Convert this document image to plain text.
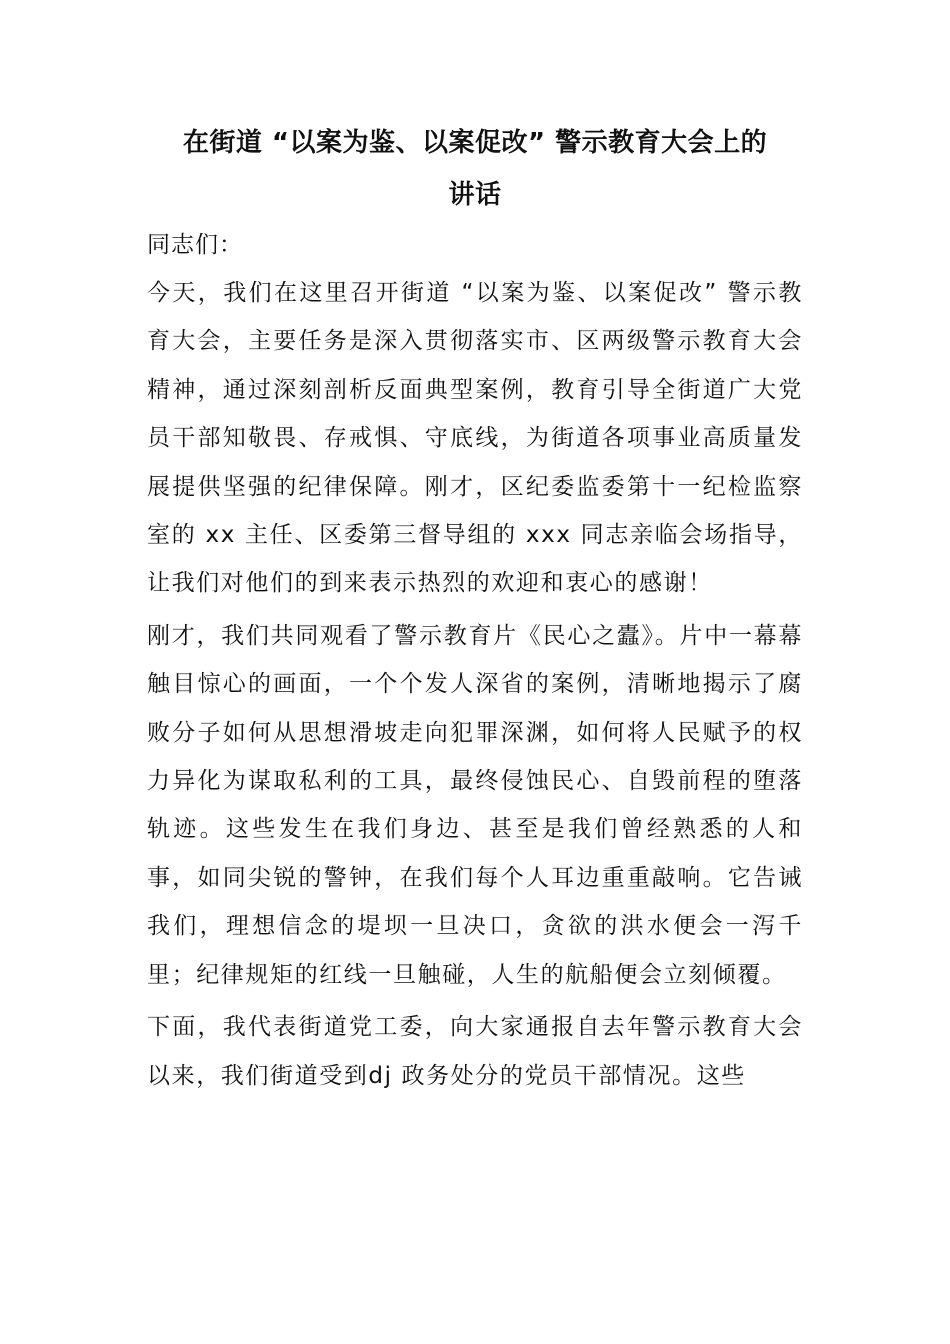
在街道 “以案为鉴、以案促改” 警示教育大会上的
讲话

同志们：

今天，我们在这里召开街道 “以案为鉴、以案促改” 警示教育大会，主要任务是深入贯彻落实市、区两级警示教育大会精神，通过深刻剖析反面典型案例，教育引导全街道广大党员干部知敬畏、存戒惧、守底线，为街道各项事业高质量发展提供坚强的纪律保障。刚才，区纪委监委第十一纪检监察室的 xx 主任、区委第三督导组的 xxx 同志亲临会场指导，让我们对他们的到来表示热烈的欢迎和衷心的感谢！

刚才，我们共同观看了警示教育片《民心之蠹》。片中一幕幕触目惊心的画面，一个个发人深省的案例，清晰地揭示了腐败分子如何从思想滑坡走向犯罪深渊，如何将人民赋予的权力异化为谋取私利的工具，最终侵蚀民心、自毁前程的堕落轨迹。这些发生在我们身边、甚至是我们曾经熟悉的人和事，如同尖锐的警钟，在我们每个人耳边重重敲响。它告诫我们，理想信念的堤坝一旦决口，贪欲的洪水便会一泻千里；纪律规矩的红线一旦触碰，人生的航船便会立刻倾覆。

下面，我代表街道党工委，向大家通报自去年警示教育大会以来，我们街道受到dj 政务处分的党员干部情况。这些
